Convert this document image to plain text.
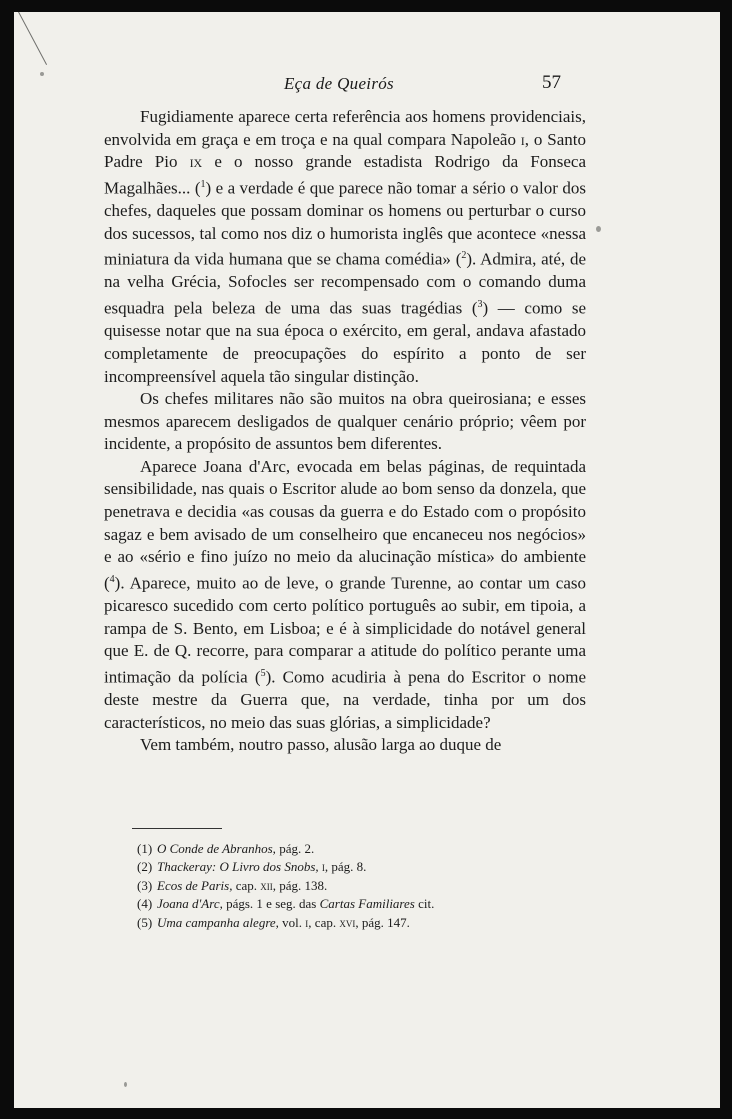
Eça de Queirós	57

Fugidiamente aparece certa referência aos homens providenciais, envolvida em graça e em troça e na qual compara Napoleão i, o Santo Padre Pio ix e o nosso grande estadista Rodrigo da Fonseca Magalhães... ($^1$) e a verdade é que parece não tomar a sério o valor dos chefes, daqueles que possam dominar os homens ou perturbar o curso dos sucessos, tal como nos diz o humorista inglês que acontece «nessa miniatura da vida humana que se chama comédia» ($^2$). Admira, até, de na velha Grécia, Sofocles ser recompensado com o comando duma esquadra pela beleza de uma das suas tragédias ($^3$) — como se quisesse notar que na sua época o exército, em geral, andava afastado completamente de preocupações do espírito a ponto de ser incompreensível aquela tão singular distinção.

Os chefes militares não são muitos na obra queirosiana; e esses mesmos aparecem desligados de qualquer cenário próprio; vêem por incidente, a propósito de assuntos bem diferentes.

Aparece Joana d'Arc, evocada em belas páginas, de requintada sensibilidade, nas quais o Escritor alude ao bom senso da donzela, que penetrava e decidia «as cousas da guerra e do Estado com o propósito sagaz e bem avisado de um conselheiro que encaneceu nos negócios» e ao «sério e fino juízo no meio da alucinação mística» do ambiente ($^4$). Aparece, muito ao de leve, o grande Turenne, ao contar um caso picaresco sucedido com certo político português ao subir, em tipoia, a rampa de S. Bento, em Lisboa; e é à simplicidade do notável general que E. de Q. recorre, para comparar a atitude do político perante uma intimação da polícia ($^5$). Como acudiria à pena do Escritor o nome deste mestre da Guerra que, na verdade, tinha por um dos característicos, no meio das suas glórias, a simplicidade?

Vem também, noutro passo, alusão larga ao duque de

(1) O Conde de Abranhos, pág. 2.
(2) Thackeray: O Livro dos Snobs, i, pág. 8.
(3) Ecos de Paris, cap. xii, pág. 138.
(4) Joana d'Arc, págs. 1 e seg. das Cartas Familiares cit.
(5) Uma campanha alegre, vol. i, cap. xvi, pág. 147.
